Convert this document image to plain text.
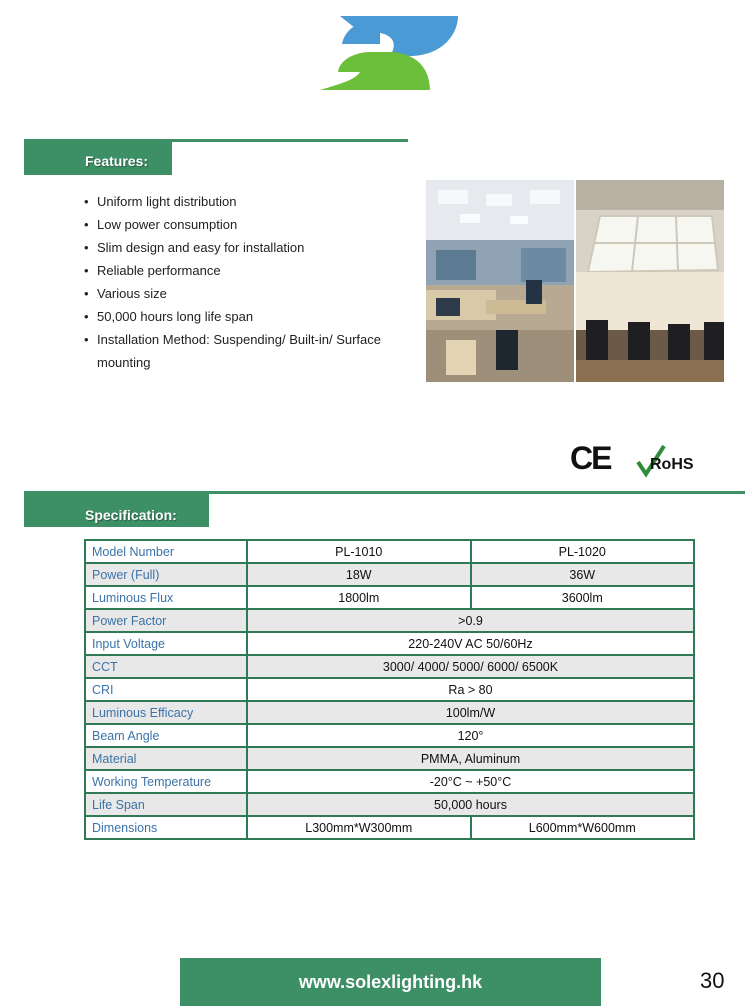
Features:
• Uniform light distribution
• Low power consumption
• Slim design and easy for installation
• Reliable performance
• Various size
• 50,000 hours long life span
• Installation Method: Suspending/ Built-in/ Surface mounting
CE RoHS
Specification:
Model Number	PL-1010	PL-1020
Power (Full)	18W	36W
Luminous Flux	1800lm	3600lm
Power Factor	>0.9	
Input Voltage	220-240V AC 50/60Hz	
CCT	3000/ 4000/ 5000/ 6000/ 6500K	
CRI	Ra > 80	
Luminous Efficacy	100lm/W	
Beam Angle	120°	
Material	PMMA, Aluminum	
Working Temperature	-20°C ~ +50°C	
Life Span	50,000 hours	
Dimensions	L300mm*W300mm	L600mm*W600mm
www.solexlighting.hk	30
